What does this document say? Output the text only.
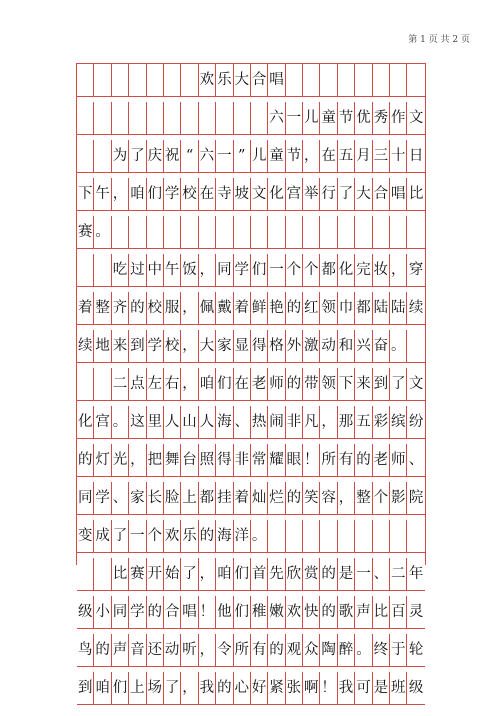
第 1 页 共 2 页
欢 乐 大 合 唱
六 一 儿 童 节 优 秀 作 文
为 了 庆 祝 “ 六 一 ” 儿 童 节 ， 在 五 月 三 十 日
下 午 ， 咱 们 学 校 在 寺 坡 文 化 宫 举 行 了 大 合 唱 比
赛 。
吃 过 中 午 饭 ， 同 学 们 一 个 个 都 化 完 妆 ， 穿
着 整 齐 的 校 服 ， 佩 戴 着 鲜 艳 的 红 领 巾 都 陆 陆 续
续 地 来 到 学 校 ， 大 家 显 得 格 外 激 动 和 兴 奋 。
二 点 左 右 ， 咱 们 在 老 师 的 带 领 下 来 到 了 文
化 宫 。 这 里 人 山 人 海 、 热 闹 非 凡 ， 那 五 彩 缤 纷
的 灯 光 ， 把 舞 台 照 得 非 常 耀 眼 ！ 所 有 的 老 师 、
同 学 、 家 长 脸 上 都 挂 着 灿 烂 的 笑 容 ， 整 个 影 院
变 成 了 一 个 欢 乐 的 海 洋 。
比 赛 开 始 了 ， 咱 们 首 先 欣 赏 的 是 一 、 二 年
级 小 同 学 的 合 唱 ！ 他 们 稚 嫩 欢 快 的 歌 声 比 百 灵
鸟 的 声 音 还 动 听 ， 令 所 有 的 观 众 陶 醉 。 终 于 轮
到 咱 们 上 场 了 ， 我 的 心 好 紧 张 啊 ！ 我 可 是 班 级
